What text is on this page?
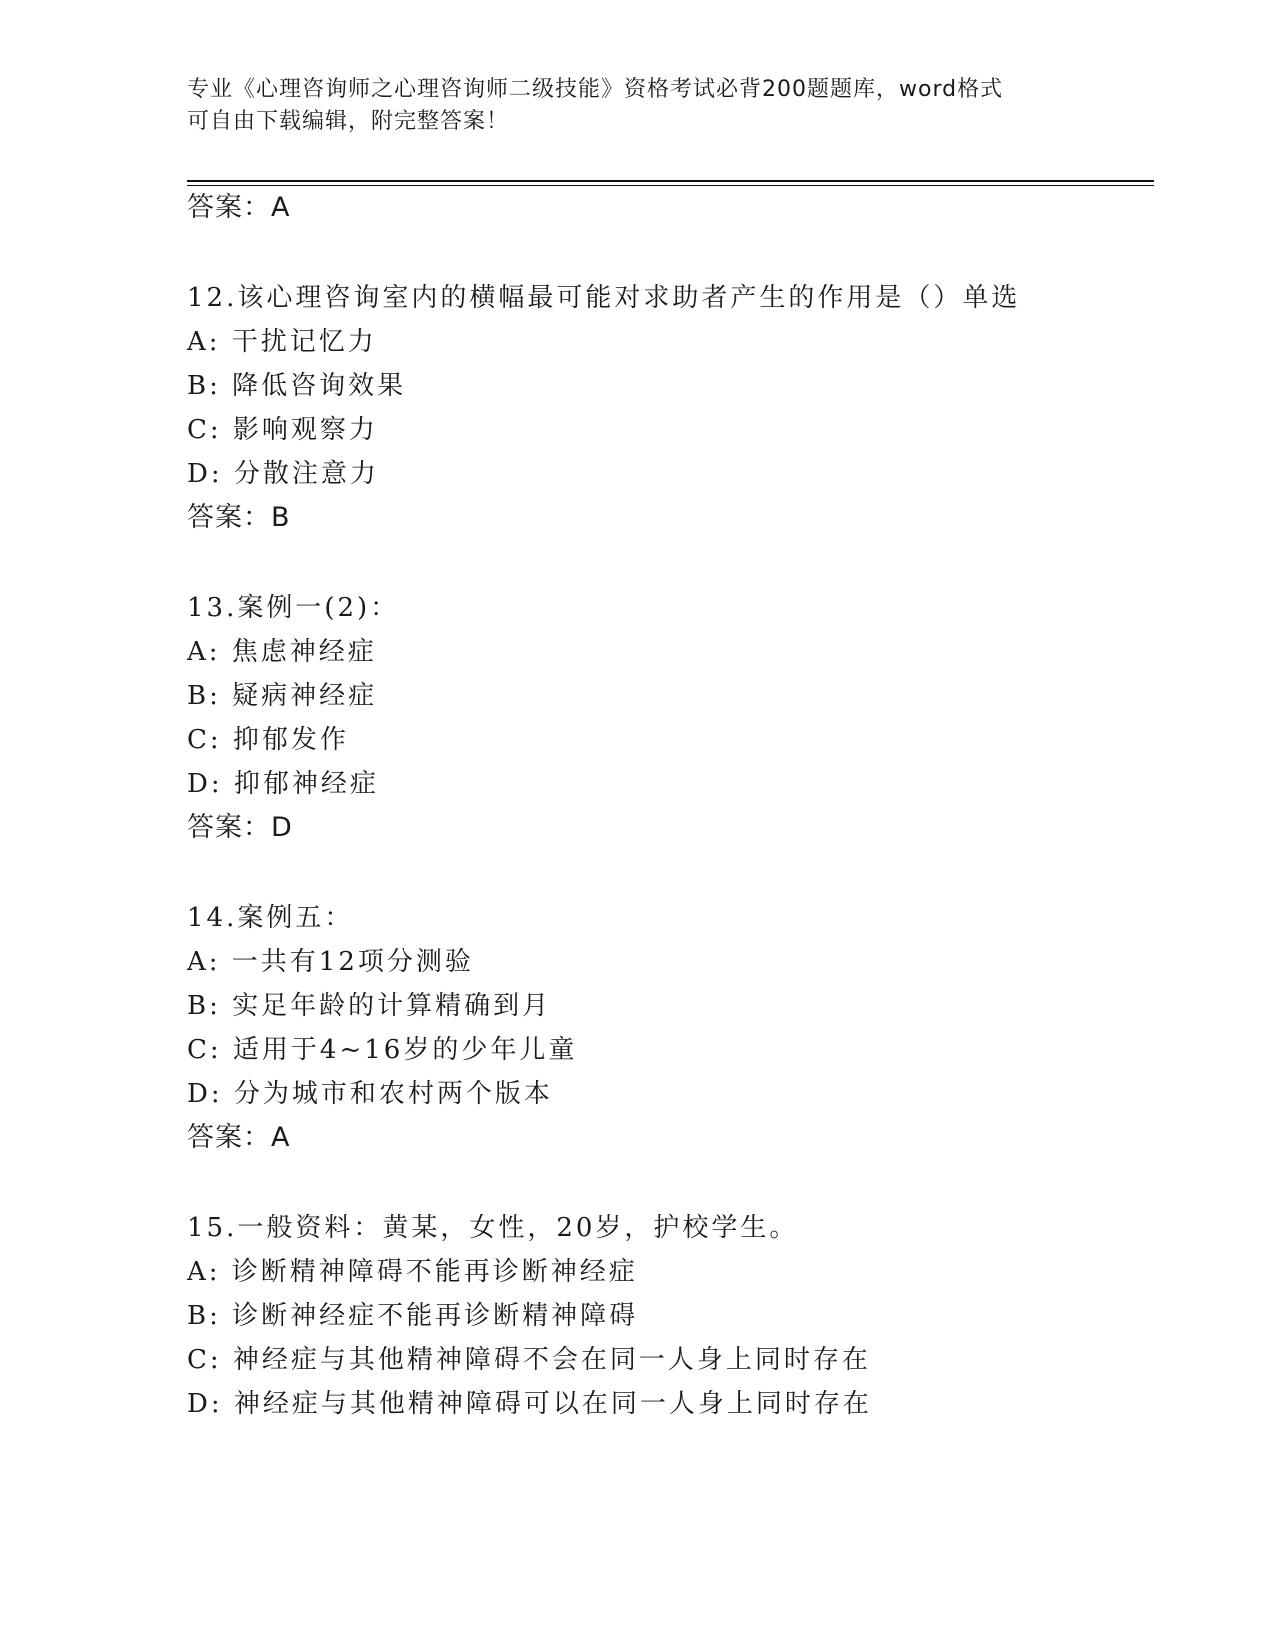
专业《心理咨询师之心理咨询师二级技能》资格考试必背200题题库，word格式
可自由下载编辑，附完整答案！
答案：A
12.该心理咨询室内的横幅最可能对求助者产生的作用是（）单选
A: 干扰记忆力
B: 降低咨询效果
C: 影响观察力
D: 分散注意力
答案：B
13.案例一(2)：
A: 焦虑神经症
B: 疑病神经症
C: 抑郁发作
D: 抑郁神经症
答案：D
14.案例五：
A: 一共有12项分测验
B: 实足年龄的计算精确到月
C: 适用于4~16岁的少年儿童
D: 分为城市和农村两个版本
答案：A
15.一般资料：黄某，女性，20岁，护校学生。
A: 诊断精神障碍不能再诊断神经症
B: 诊断神经症不能再诊断精神障碍
C: 神经症与其他精神障碍不会在同一人身上同时存在
D: 神经症与其他精神障碍可以在同一人身上同时存在
